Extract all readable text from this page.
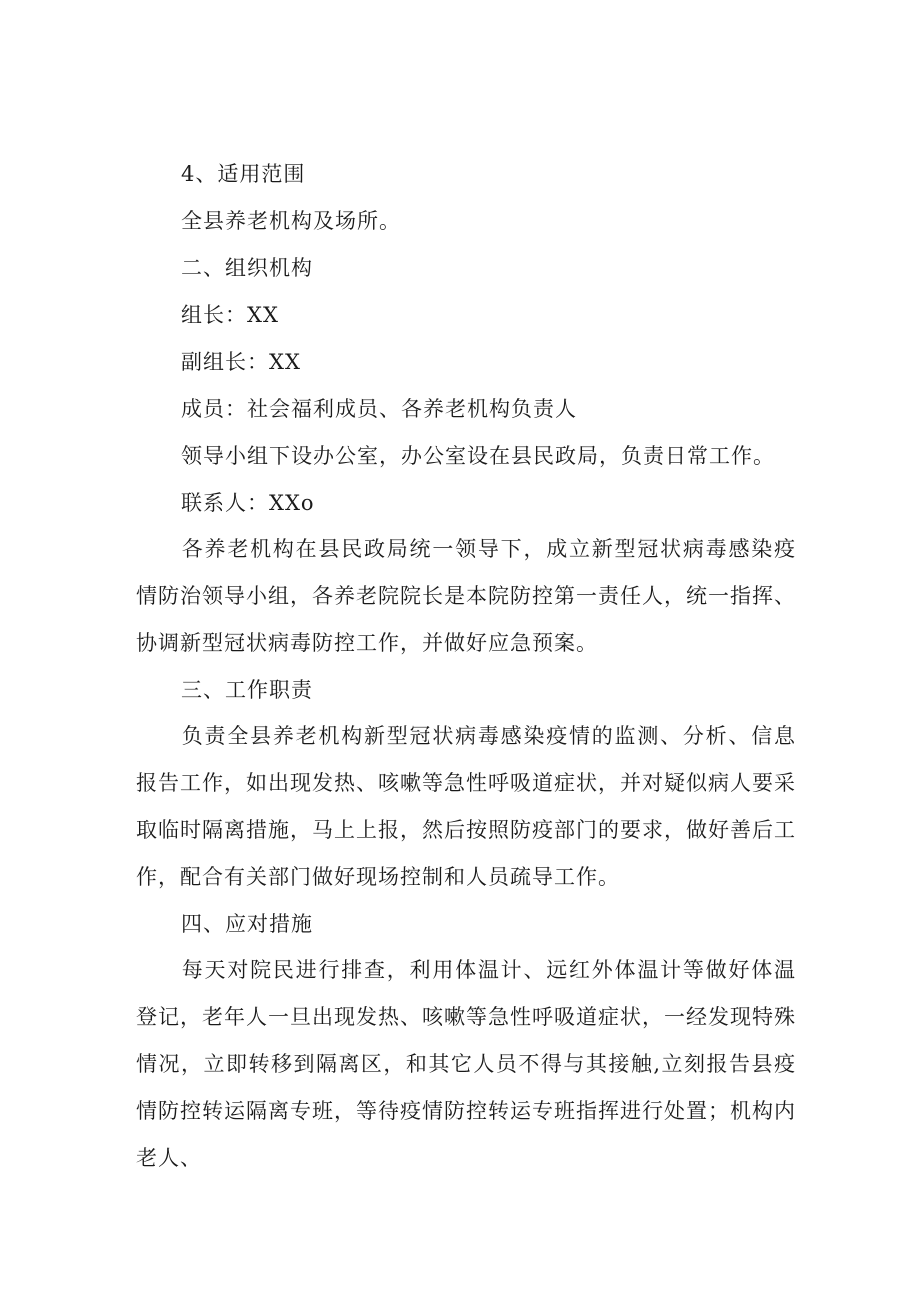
4、适用范围

全县养老机构及场所。

二、组织机构

组长：XX

副组长：XX

成员：社会福利成员、各养老机构负责人

领导小组下设办公室，办公室设在县民政局，负责日常工作。

联系人：XXo

各养老机构在县民政局统一领导下，成立新型冠状病毒感染疫情防治领导小组，各养老院院长是本院防控第一责任人，统一指挥、协调新型冠状病毒防控工作，并做好应急预案。

三、工作职责

负责全县养老机构新型冠状病毒感染疫情的监测、分析、信息报告工作，如出现发热、咳嗽等急性呼吸道症状，并对疑似病人要采取临时隔离措施，马上上报，然后按照防疫部门的要求，做好善后工作，配合有关部门做好现场控制和人员疏导工作。

四、应对措施

每天对院民进行排查，利用体温计、远红外体温计等做好体温登记，老年人一旦出现发热、咳嗽等急性呼吸道症状，一经发现特殊情况，立即转移到隔离区，和其它人员不得与其接触,立刻报告县疫情防控转运隔离专班，等待疫情防控转运专班指挥进行处置；机构内老人、
